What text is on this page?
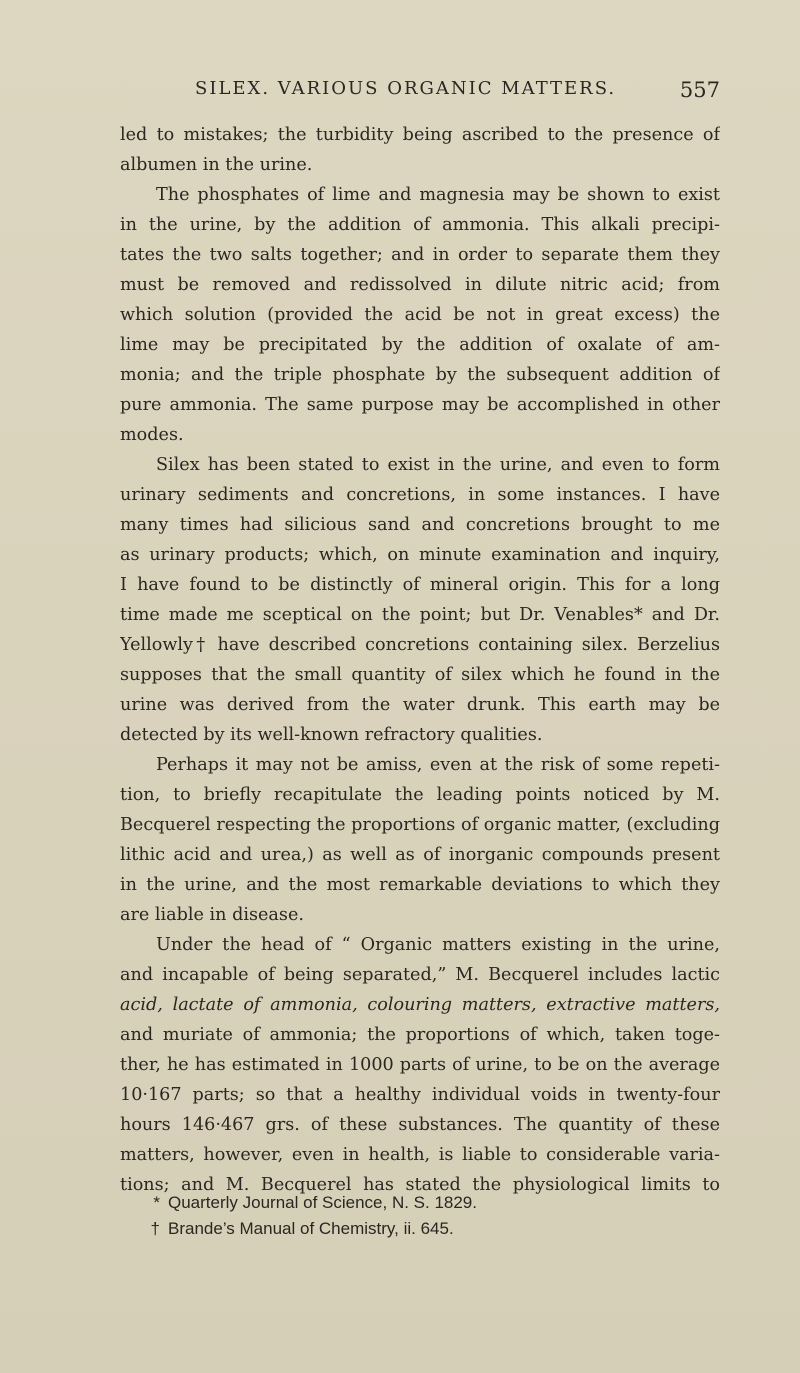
SILEX. VARIOUS ORGANIC MATTERS.	557
led to mistakes; the turbidity being ascribed to the presence of
albumen in the urine.
The phosphates of lime and magnesia may be shown to exist
in the urine, by the addition of ammonia. This alkali precipi-
tates the two salts together; and in order to separate them they
must be removed and redissolved in dilute nitric acid; from
which solution (provided the acid be not in great excess) the
lime may be precipitated by the addition of oxalate of am-
monia; and the triple phosphate by the subsequent addition of
pure ammonia. The same purpose may be accomplished in other
modes.
Silex has been stated to exist in the urine, and even to form
urinary sediments and concretions, in some instances. I have
many times had silicious sand and concretions brought to me
as urinary products; which, on minute examination and inquiry,
I have found to be distinctly of mineral origin. This for a long
time made me sceptical on the point; but Dr. Venables* and Dr.
Yellowly† have described concretions containing silex. Berzelius
supposes that the small quantity of silex which he found in the
urine was derived from the water drunk. This earth may be
detected by its well-known refractory qualities.
Perhaps it may not be amiss, even at the risk of some repeti-
tion, to briefly recapitulate the leading points noticed by M.
Becquerel respecting the proportions of organic matter, (excluding
lithic acid and urea,) as well as of inorganic compounds present
in the urine, and the most remarkable deviations to which they
are liable in disease.
Under the head of “ Organic matters existing in the urine,
and incapable of being separated,” M. Becquerel includes lactic
acid, lactate of ammonia, colouring matters, extractive matters,
and muriate of ammonia; the proportions of which, taken toge-
ther, he has estimated in 1000 parts of urine, to be on the average
10·167 parts; so that a healthy individual voids in twenty-four
hours 146·467 grs. of these substances. The quantity of these
matters, however, even in health, is liable to considerable varia-
tions; and M. Becquerel has stated the physiological limits to
* Quarterly Journal of Science, N. S. 1829.
† Brande’s Manual of Chemistry, ii. 645.
